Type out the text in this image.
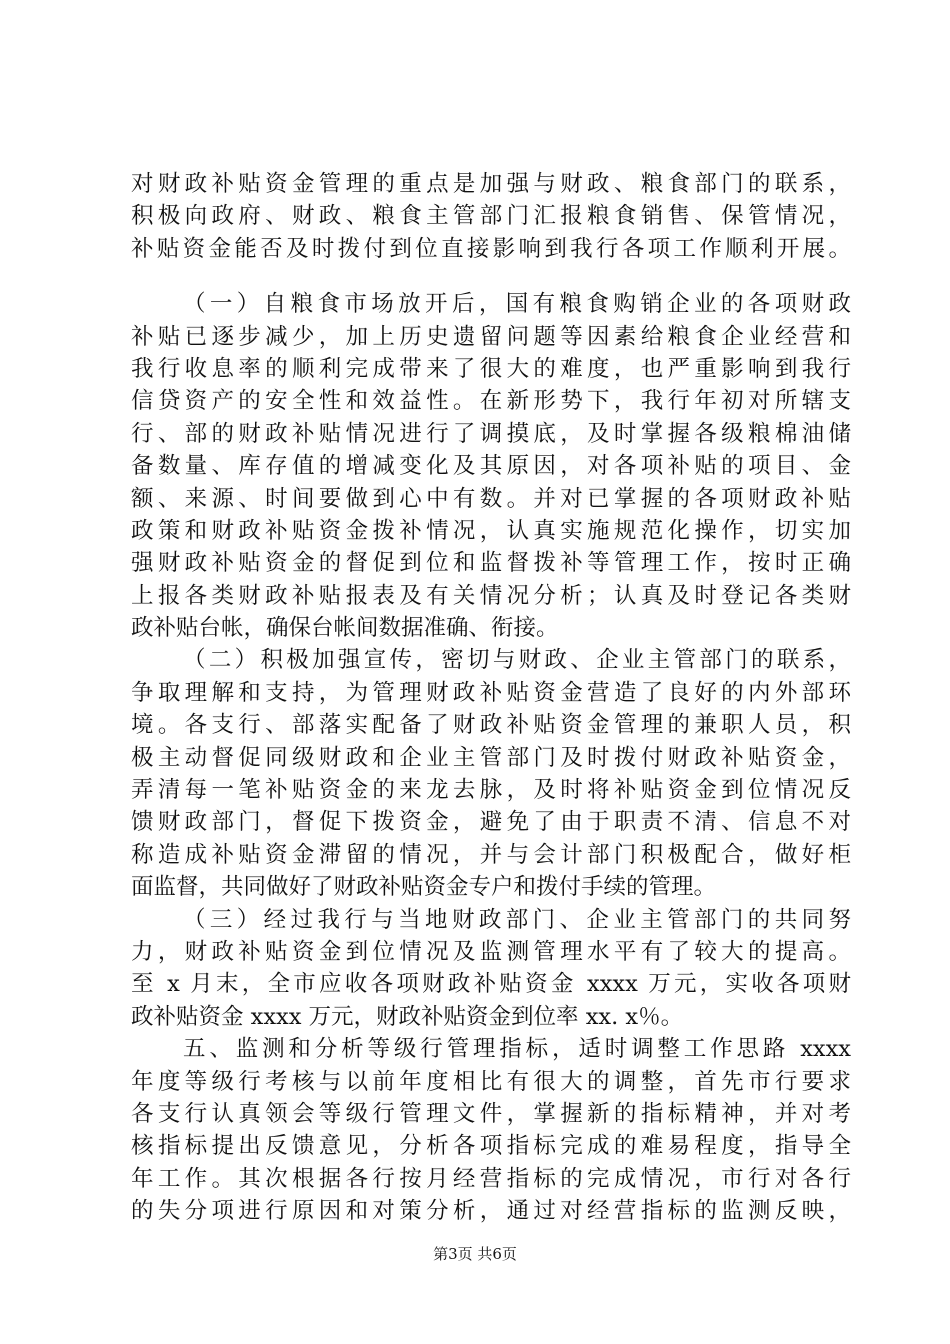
对财政补贴资金管理的重点是加强与财政、粮食部门的联系，
积极向政府、财政、粮食主管部门汇报粮食销售、保管情况，
补贴资金能否及时拨付到位直接影响到我行各项工作顺利开展。
（一）自粮食市场放开后，国有粮食购销企业的各项财政
补贴已逐步减少，加上历史遗留问题等因素给粮食企业经营和
我行收息率的顺利完成带来了很大的难度，也严重影响到我行
信贷资产的安全性和效益性。在新形势下，我行年初对所辖支
行、部的财政补贴情况进行了调摸底，及时掌握各级粮棉油储
备数量、库存值的增减变化及其原因，对各项补贴的项目、金
额、来源、时间要做到心中有数。并对已掌握的各项财政补贴
政策和财政补贴资金拨补情况，认真实施规范化操作，切实加
强财政补贴资金的督促到位和监督拨补等管理工作，按时正确
上报各类财政补贴报表及有关情况分析；认真及时登记各类财
政补贴台帐，确保台帐间数据准确、衔接。
（二）积极加强宣传，密切与财政、企业主管部门的联系，
争取理解和支持，为管理财政补贴资金营造了良好的内外部环
境。各支行、部落实配备了财政补贴资金管理的兼职人员，积
极主动督促同级财政和企业主管部门及时拨付财政补贴资金，
弄清每一笔补贴资金的来龙去脉，及时将补贴资金到位情况反
馈财政部门，督促下拨资金，避免了由于职责不清、信息不对
称造成补贴资金滞留的情况，并与会计部门积极配合，做好柜
面监督，共同做好了财政补贴资金专户和拨付手续的管理。
（三）经过我行与当地财政部门、企业主管部门的共同努
力，财政补贴资金到位情况及监测管理水平有了较大的提高。
至 x 月末，全市应收各项财政补贴资金 xxxx 万元，实收各项财
政补贴资金 xxxx 万元，财政补贴资金到位率 xx. x％。
五、监测和分析等级行管理指标，适时调整工作思路 xxxx
年度等级行考核与以前年度相比有很大的调整，首先市行要求
各支行认真领会等级行管理文件，掌握新的指标精神，并对考
核指标提出反馈意见，分析各项指标完成的难易程度，指导全
年工作。其次根据各行按月经营指标的完成情况，市行对各行
的失分项进行原因和对策分析，通过对经营指标的监测反映，
第3页 共6页
